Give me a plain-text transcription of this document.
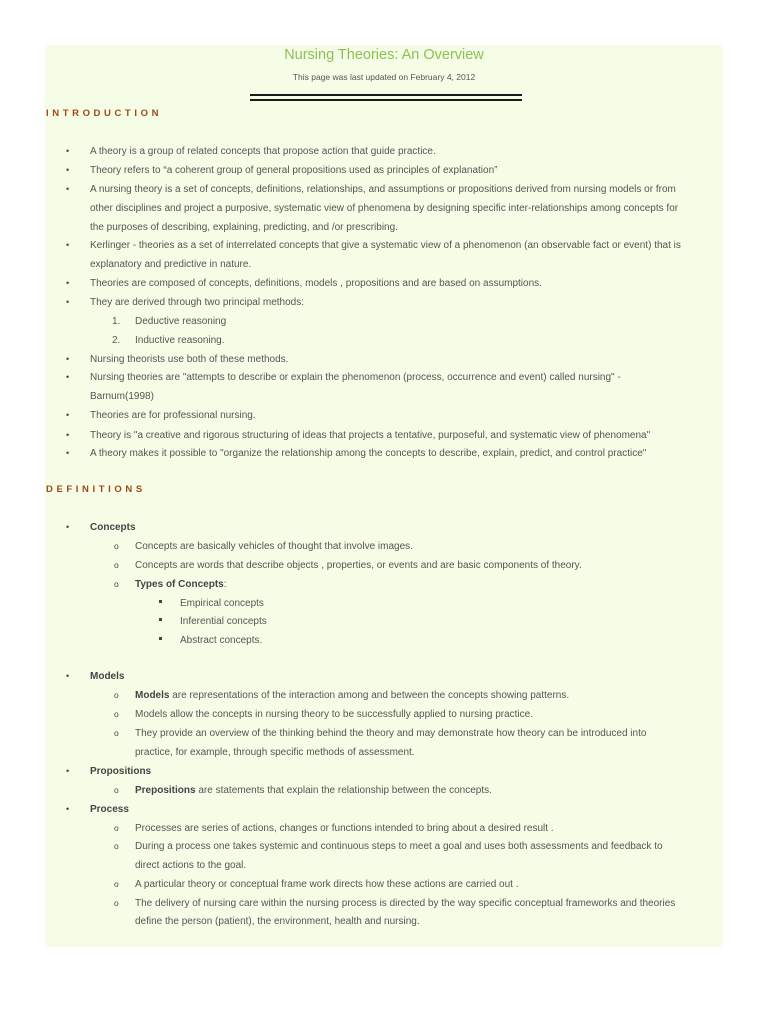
Nursing Theories: An Overview
This page was last updated on February 4, 2012
INTRODUCTION
• A theory is a group of related concepts that propose action that guide practice.
• Theory refers to “a coherent group of general propositions used as principles of explanation”
• A nursing theory is a set of concepts, definitions, relationships, and assumptions or propositions derived from nursing models or from
other disciplines and project a purposive, systematic view of phenomena by designing specific inter-relationships among concepts for
the purposes of describing, explaining, predicting, and /or prescribing.
• Kerlinger - theories as a set of interrelated concepts that give a systematic view of a phenomenon (an observable fact or event) that is
explanatory and predictive in nature.
• Theories are composed of concepts, definitions, models , propositions and are based on assumptions.
• They are derived through two principal methods:
1. Deductive reasoning
2. Inductive reasoning.
• Nursing theorists use both of these methods.
• Nursing theories are "attempts to describe or explain the phenomenon (process, occurrence and event) called nursing" -
Barnum(1998)
• Theories are for professional nursing.
• Theory is "a creative and rigorous structuring of ideas that projects a tentative, purposeful, and systematic view of phenomena"
• A theory makes it possible to "organize the relationship among the concepts to describe, explain, predict, and control practice"
DEFINITIONS
• Concepts
o Concepts are basically vehicles of thought that involve images.
o Concepts are words that describe objects , properties, or events and are basic components of theory.
o Types of Concepts:
Empirical concepts
Inferential concepts
Abstract concepts.
• Models
o Models are representations of the interaction among and between the concepts showing patterns.
o Models allow the concepts in nursing theory to be successfully applied to nursing practice.
o They provide an overview of the thinking behind the theory and may demonstrate how theory can be introduced into
practice, for example, through specific methods of assessment.
• Propositions
o Prepositions are statements that explain the relationship between the concepts.
• Process
o Processes are series of actions, changes or functions intended to bring about a desired result .
o During a process one takes systemic and continuous steps to meet a goal and uses both assessments and feedback to
direct actions to the goal.
o A particular theory or conceptual frame work directs how these actions are carried out .
o The delivery of nursing care within the nursing process is directed by the way specific conceptual frameworks and theories
define the person (patient), the environment, health and nursing.
